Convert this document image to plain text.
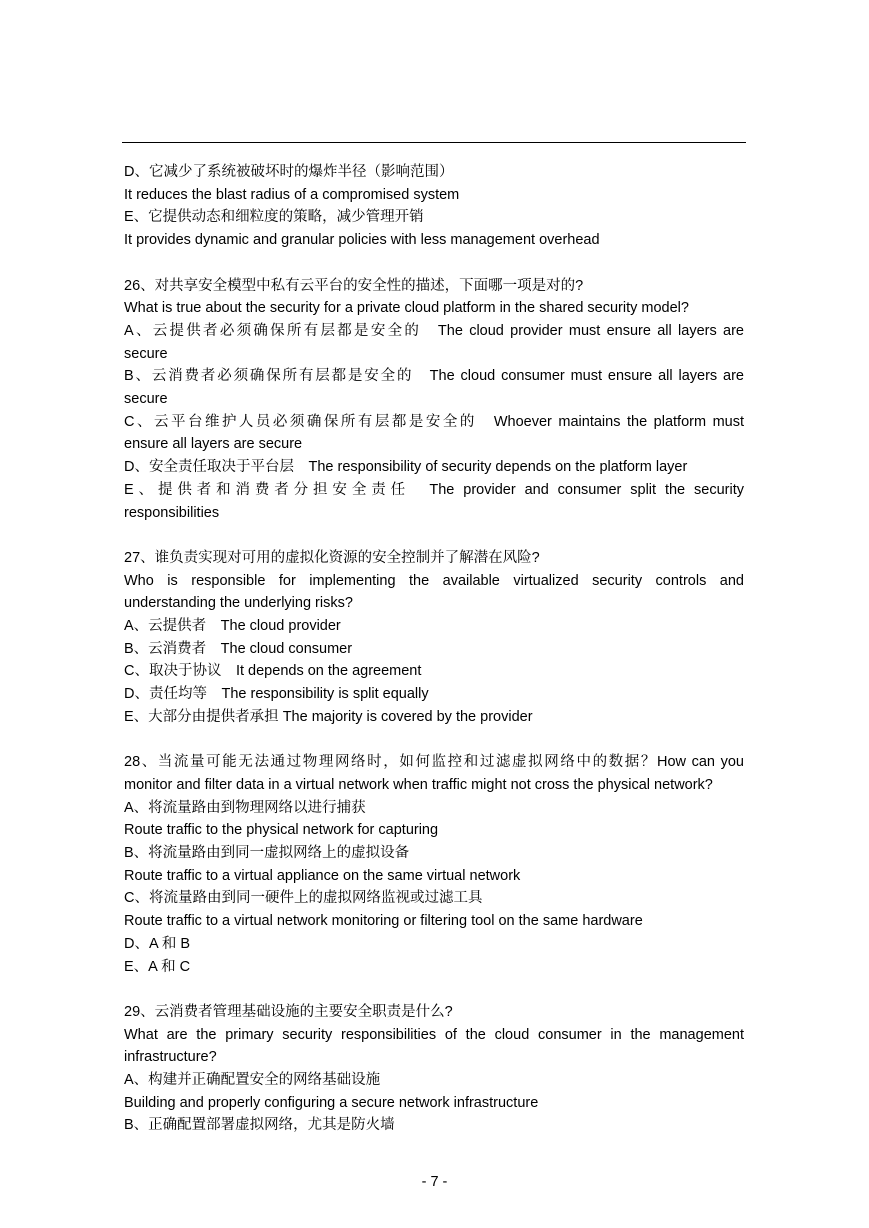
D、它减少了系统被破坏时的爆炸半径（影响范围）
It reduces the blast radius of a compromised system
E、它提供动态和细粒度的策略，减少管理开销
It provides dynamic and granular policies with less management overhead
26、对共享安全模型中私有云平台的安全性的描述，下面哪一项是对的?
What is true about the security for a private cloud platform in the shared security model?
A、云提供者必须确保所有层都是安全的　The cloud provider must ensure all layers are
secure
B、云消费者必须确保所有层都是安全的　The cloud consumer must ensure all layers are
secure
C、云平台维护人员必须确保所有层都是安全的　Whoever maintains the platform must
ensure all layers are secure
D、安全责任取决于平台层　The responsibility of security depends on the platform layer
E、提供者和消费者分担安全责任　The provider and consumer split the security
responsibilities
27、谁负责实现对可用的虚拟化资源的安全控制并了解潜在风险?
Who is responsible for implementing the available virtualized security controls and
understanding the underlying risks?
A、云提供者　The cloud provider
B、云消费者　The cloud consumer
C、取决于协议　It depends on the agreement
D、责任均等　The responsibility is split equally
E、大部分由提供者承担 The majority is covered by the provider
28、当流量可能无法通过物理网络时，如何监控和过滤虚拟网络中的数据？How can you
monitor and filter data in a virtual network when traffic might not cross the physical network?
A、将流量路由到物理网络以进行捕获
Route traffic to the physical network for capturing
B、将流量路由到同一虚拟网络上的虚拟设备
Route traffic to a virtual appliance on the same virtual network
C、将流量路由到同一硬件上的虚拟网络监视或过滤工具
Route traffic to a virtual network monitoring or filtering tool on the same hardware
D、A 和 B
E、A 和 C
29、云消费者管理基础设施的主要安全职责是什么?
What are the primary security responsibilities of the cloud consumer in the management
infrastructure?
A、构建并正确配置安全的网络基础设施
Building and properly configuring a secure network infrastructure
B、正确配置部署虚拟网络，尤其是防火墙
- 7 -
